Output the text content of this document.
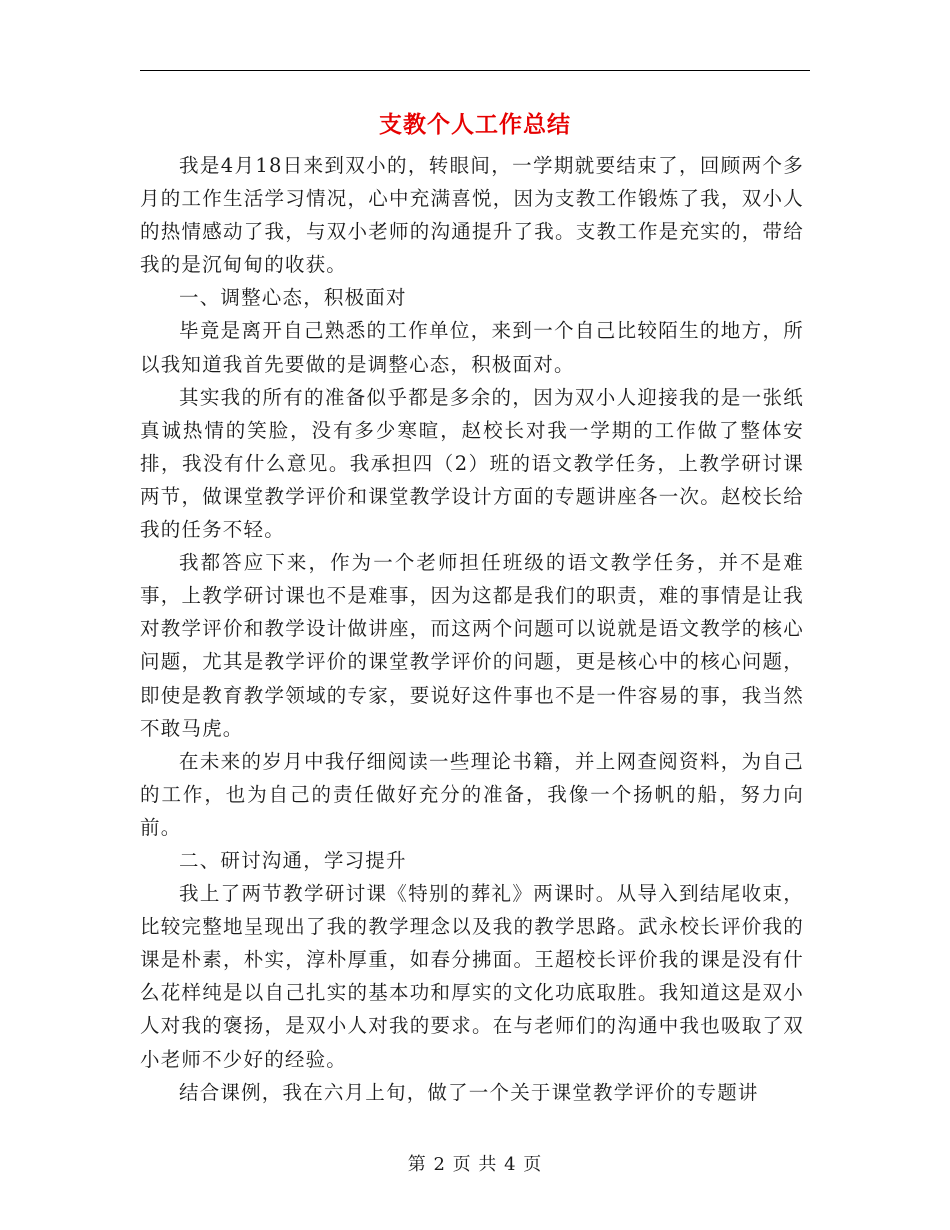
支教个人工作总结

我是4月18日来到双小的，转眼间，一学期就要结束了，回顾两个多月的工作生活学习情况，心中充满喜悦，因为支教工作锻炼了我，双小人的热情感动了我，与双小老师的沟通提升了我。支教工作是充实的，带给我的是沉甸甸的收获。

一、调整心态，积极面对

毕竟是离开自己熟悉的工作单位，来到一个自己比较陌生的地方，所以我知道我首先要做的是调整心态，积极面对。

其实我的所有的准备似乎都是多余的，因为双小人迎接我的是一张纸真诚热情的笑脸，没有多少寒暄，赵校长对我一学期的工作做了整体安排，我没有什么意见。我承担四（2）班的语文教学任务，上教学研讨课两节，做课堂教学评价和课堂教学设计方面的专题讲座各一次。赵校长给我的任务不轻。

我都答应下来，作为一个老师担任班级的语文教学任务，并不是难事，上教学研讨课也不是难事，因为这都是我们的职责，难的事情是让我对教学评价和教学设计做讲座，而这两个问题可以说就是语文教学的核心问题，尤其是教学评价的课堂教学评价的问题，更是核心中的核心问题，即使是教育教学领域的专家，要说好这件事也不是一件容易的事，我当然不敢马虎。

在未来的岁月中我仔细阅读一些理论书籍，并上网查阅资料，为自己的工作，也为自己的责任做好充分的准备，我像一个扬帆的船，努力向前。

二、研讨沟通，学习提升

我上了两节教学研讨课《特别的葬礼》两课时。从导入到结尾收束，比较完整地呈现出了我的教学理念以及我的教学思路。武永校长评价我的课是朴素，朴实，淳朴厚重，如春分拂面。王超校长评价我的课是没有什么花样纯是以自己扎实的基本功和厚实的文化功底取胜。我知道这是双小人对我的褒扬，是双小人对我的要求。在与老师们的沟通中我也吸取了双小老师不少好的经验。

结合课例，我在六月上旬，做了一个关于课堂教学评价的专题讲

第 2 页 共 4 页
